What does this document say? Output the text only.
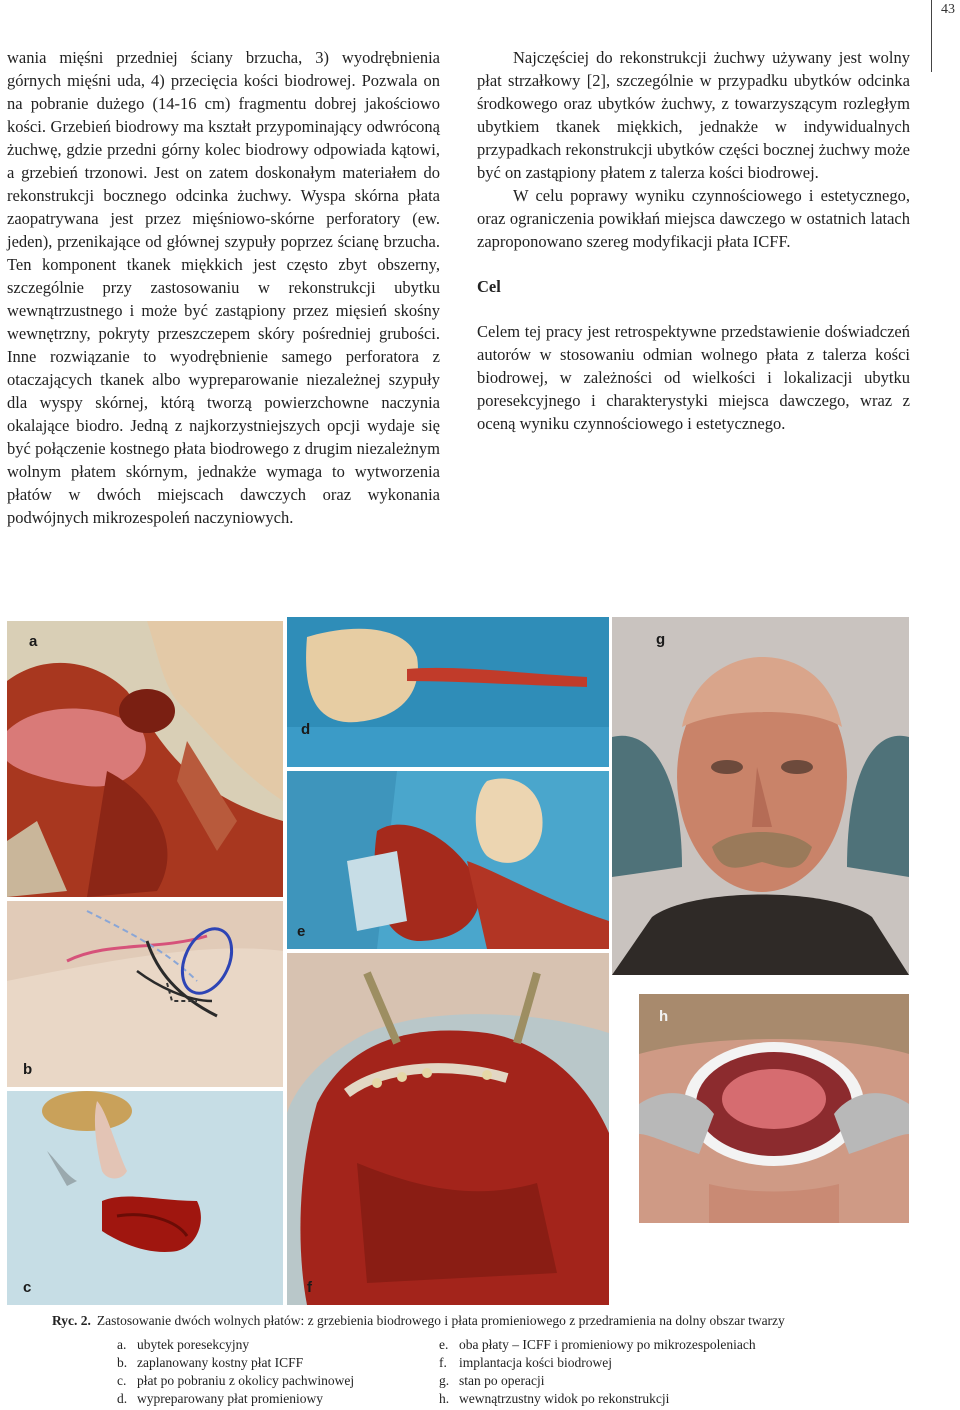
43

wania mięśni przedniej ściany brzucha, 3) wyodrębnienia górnych mięśni uda, 4) przecięcia kości biodrowej. Pozwala on na pobranie dużego (14-16 cm) fragmentu dobrej jakościowo kości. Grzebień biodrowy ma kształt przypominający odwróconą żuchwę, gdzie przedni górny kolec biodrowy odpowiada kątowi, a grzebień trzonowi. Jest on zatem doskonałym materiałem do rekonstrukcji bocznego odcinka żuchwy. Wyspa skórna płata zaopatrywana jest przez mięśniowo-skórne perforatory (ew. jeden), przenikające od głównej szypuły poprzez ścianę brzucha. Ten komponent tkanek miękkich jest często zbyt obszerny, szczególnie przy zastosowaniu w rekonstrukcji ubytku wewnątrzustnego i może być zastąpiony przez mięsień skośny wewnętrzny, pokryty przeszczepem skóry pośredniej grubości. Inne rozwiązanie to wyodrębnienie samego perforatora z otaczających tkanek albo wypreparowanie niezależnej szypuły dla wyspy skórnej, którą tworzą powierzchowne naczynia okalające biodro. Jedną z najkorzystniejszych opcji wydaje się być połączenie kostnego płata biodrowego z drugim niezależnym wolnym płatem skórnym, jednakże wymaga to wytworzenia płatów w dwóch miejscach dawczych oraz wykonania podwójnych mikrozespoleń naczyniowych.

Najczęściej do rekonstrukcji żuchwy używany jest wolny płat strzałkowy [2], szczególnie w przypadku ubytków odcinka środkowego oraz ubytków żuchwy, z towarzyszącym rozległym ubytkiem tkanek miękkich, jednakże w indywidualnych przypadkach rekonstrukcji ubytków części bocznej żuchwy może być on zastąpiony płatem z talerza kości biodrowej.

W celu poprawy wyniku czynnościowego i estetycznego, oraz ograniczenia powikłań miejsca dawczego w ostatnich latach zaproponowano szereg modyfikacji płata ICFF.

Cel

Celem tej pracy jest retrospektywne przedstawienie doświadczeń autorów w stosowaniu odmian wolnego płata z talerza kości biodrowej, w zależności od wielkości i lokalizacji ubytku poresekcyjnego i charakterystyki miejsca dawczego, wraz z oceną wyniku czynnościowego i estetycznego.

a
d
e
b
c	f
g
h
Ryc. 2. Zastosowanie dwóch wolnych płatów: z grzebienia biodrowego i płata promieniowego z przedramienia na dolny obszar twarzy
a. ubytek poresekcyjny
b. zaplanowany kostny płat ICFF
c. płat po pobraniu z okolicy pachwinowej
d. wypreparowany płat promieniowy
e. oba płaty – ICFF i promieniowy po mikrozespoleniach
f. implantacja kości biodrowej
g. stan po operacji
h. wewnątrzustny widok po rekonstrukcji
